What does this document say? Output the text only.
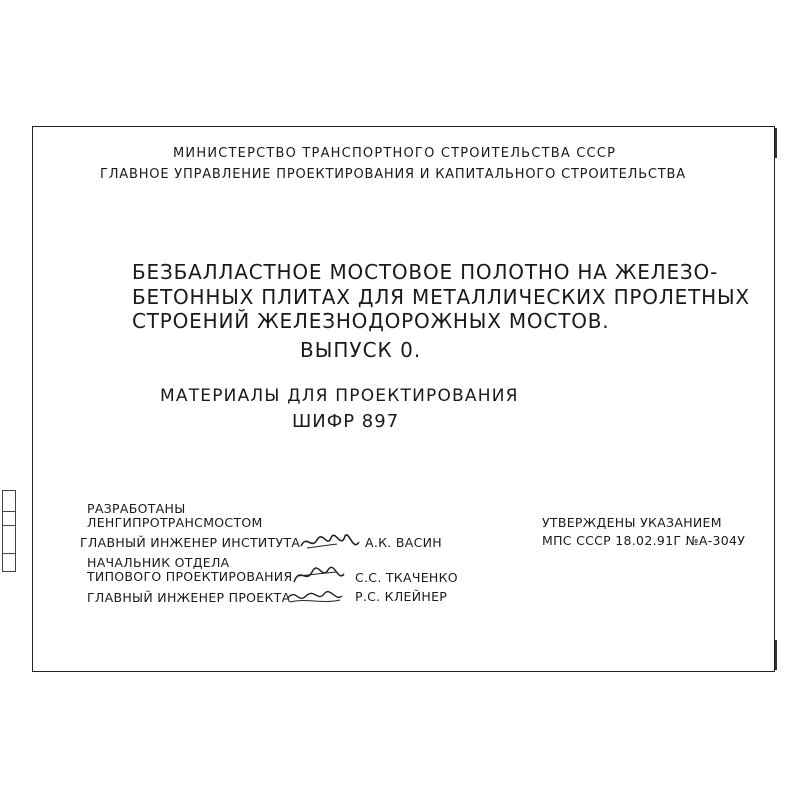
МИНИСТЕРСТВО ТРАНСПОРТНОГО СТРОИТЕЛЬСТВА СССР
ГЛАВНОЕ УПРАВЛЕНИЕ ПРОЕКТИРОВАНИЯ И КАПИТАЛЬНОГО СТРОИТЕЛЬСТВА
БЕЗБАЛЛАСТНОЕ МОСТОВОЕ ПОЛОТНО НА ЖЕЛЕЗО-
БЕТОННЫХ ПЛИТАХ ДЛЯ МЕТАЛЛИЧЕСКИХ ПРОЛЕТНЫХ
СТРОЕНИЙ ЖЕЛЕЗНОДОРОЖНЫХ МОСТОВ.
ВЫПУСК 0.
МАТЕРИАЛЫ ДЛЯ ПРОЕКТИРОВАНИЯ
ШИФР 897
РАЗРАБОТАНЫ
ЛЕНГИПРОТРАНСМОСТОМ
ГЛАВНЫЙ ИНЖЕНЕР ИНСТИТУТА	А.К. ВАСИН
НАЧАЛЬНИК ОТДЕЛА
ТИПОВОГО ПРОЕКТИРОВАНИЯ	С.С. ТКАЧЕНКО
ГЛАВНЫЙ ИНЖЕНЕР ПРОЕКТА	Р.С. КЛЕЙНЕР
УТВЕРЖДЕНЫ УКАЗАНИЕМ
МПС СССР 18.02.91Г №А-304У
